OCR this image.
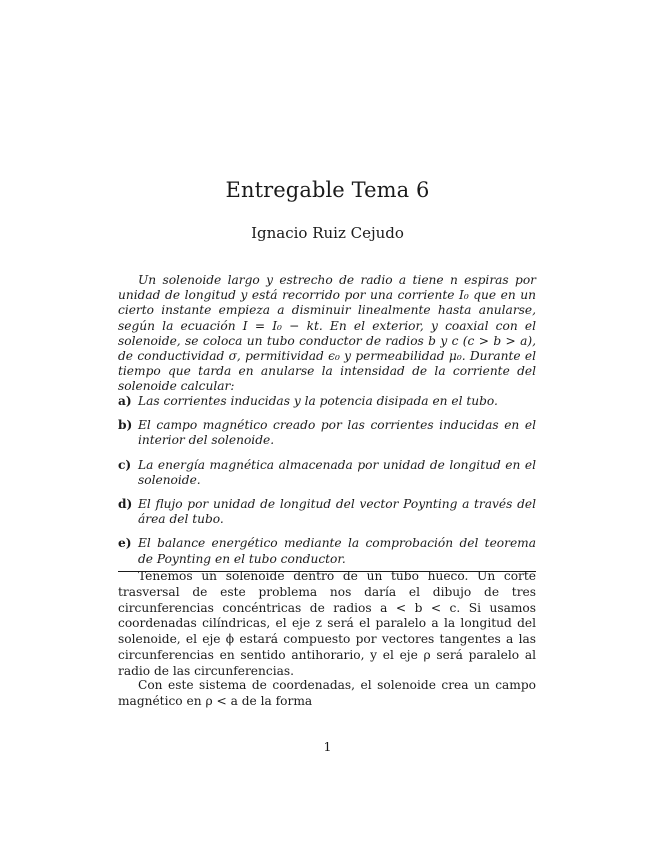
Entregable Tema 6
Ignacio Ruiz Cejudo
Un solenoide largo y estrecho de radio a tiene n espiras por unidad de longitud y está recorrido por una corriente I₀ que en un cierto instante empieza a disminuir linealmente hasta anularse, según la ecuación I = I₀ − kt. En el exterior, y coaxial con el solenoide, se coloca un tubo conductor de radios b y c (c > b > a), de conductividad σ, permitividad ϵ₀ y permeabilidad μ₀. Durante el tiempo que tarda en anularse la intensidad de la corriente del solenoide calcular:
a) Las corrientes inducidas y la potencia disipada en el tubo.
b) El campo magnético creado por las corrientes inducidas en el interior del solenoide.
c) La energía magnética almacenada por unidad de longitud en el solenoide.
d) El flujo por unidad de longitud del vector Poynting a través del área del tubo.
e) El balance energético mediante la comprobación del teorema de Poynting en el tubo conductor.
Tenemos un solenoide dentro de un tubo hueco. Un corte trasversal de este problema nos daría el dibujo de tres circunferencias concéntricas de radios a < b < c. Si usamos coordenadas cilíndricas, el eje z será el paralelo a la longitud del solenoide, el eje ϕ estará compuesto por vectores tangentes a las circunferencias en sentido antihorario, y el eje ρ será paralelo al radio de las circunferencias.
Con este sistema de coordenadas, el solenoide crea un campo magnético en ρ < a de la forma
1
